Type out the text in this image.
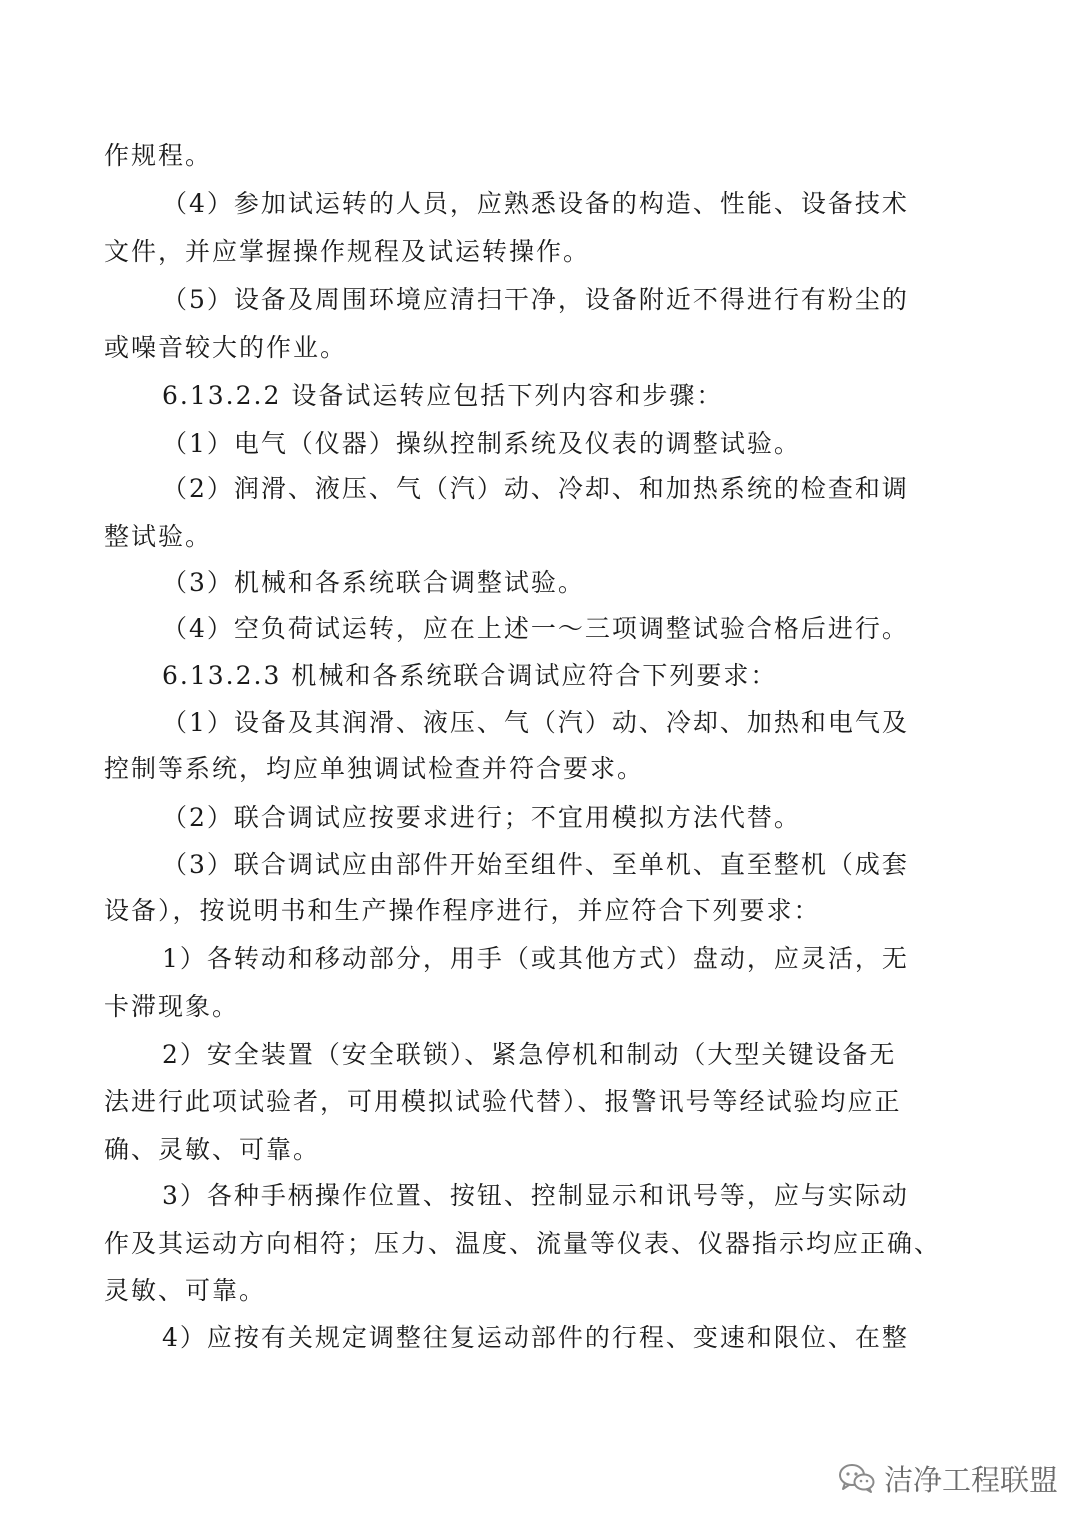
作规程。
（4）参加试运转的人员，应熟悉设备的构造、性能、设备技术
文件，并应掌握操作规程及试运转操作。
（5）设备及周围环境应清扫干净，设备附近不得进行有粉尘的
或噪音较大的作业。
6.13.2.2 设备试运转应包括下列内容和步骤：
（1）电气（仪器）操纵控制系统及仪表的调整试验。
（2）润滑、液压、气（汽）动、冷却、和加热系统的检查和调
整试验。
（3）机械和各系统联合调整试验。
（4）空负荷试运转，应在上述一～三项调整试验合格后进行。
6.13.2.3 机械和各系统联合调试应符合下列要求：
（1）设备及其润滑、液压、气（汽）动、冷却、加热和电气及
控制等系统，均应单独调试检查并符合要求。
（2）联合调试应按要求进行；不宜用模拟方法代替。
（3）联合调试应由部件开始至组件、至单机、直至整机（成套
设备），按说明书和生产操作程序进行，并应符合下列要求：
1）各转动和移动部分，用手（或其他方式）盘动，应灵活，无
卡滞现象。
2）安全装置（安全联锁）、紧急停机和制动（大型关键设备无
法进行此项试验者，可用模拟试验代替）、报警讯号等经试验均应正
确、灵敏、可靠。
3）各种手柄操作位置、按钮、控制显示和讯号等，应与实际动
作及其运动方向相符；压力、温度、流量等仪表、仪器指示均应正确、
灵敏、可靠。
4）应按有关规定调整往复运动部件的行程、变速和限位、在整
洁净工程联盟
